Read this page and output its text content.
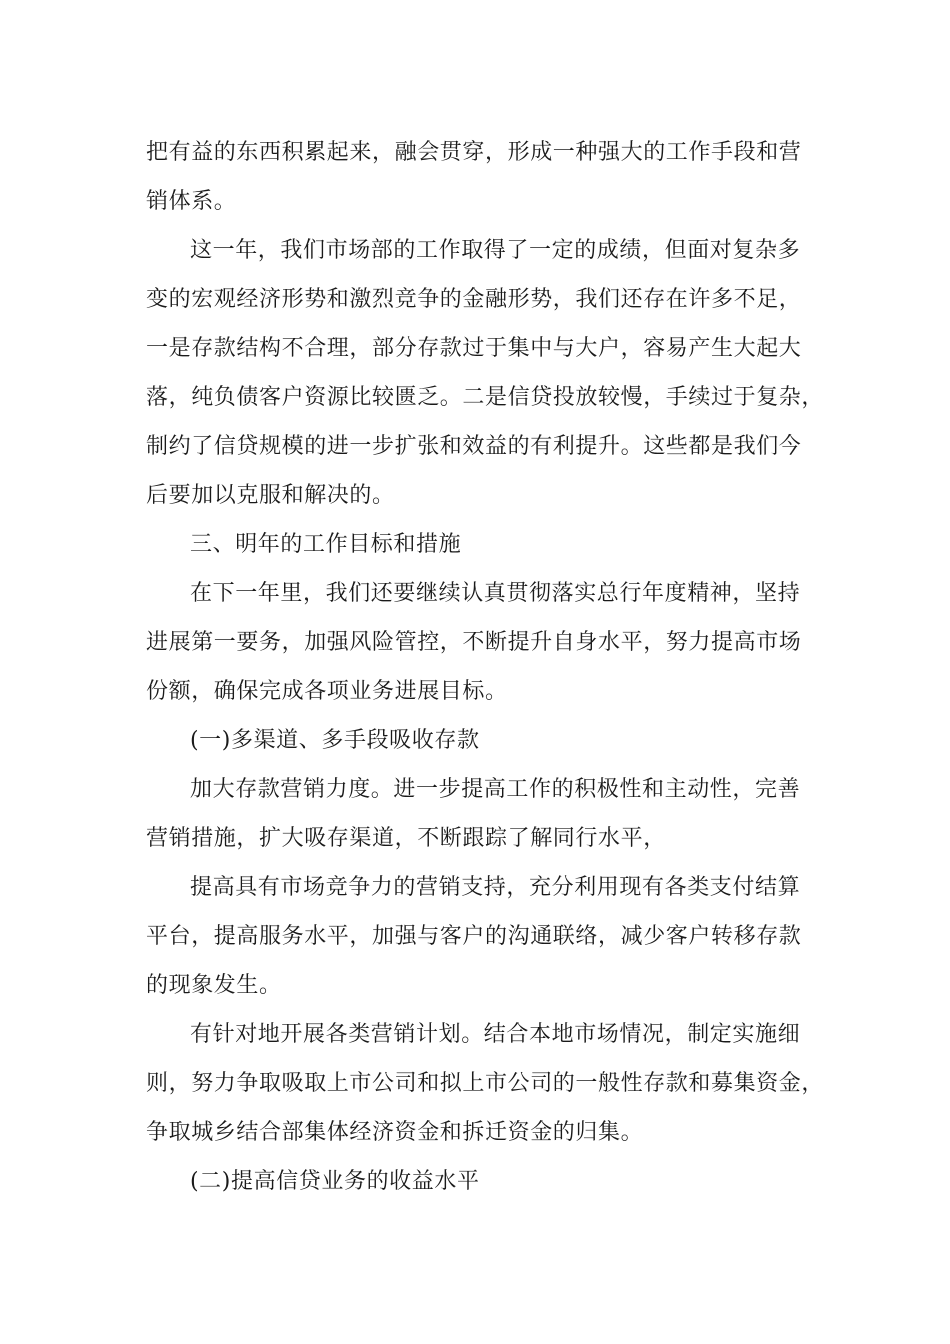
把有益的东西积累起来，融会贯穿，形成一种强大的工作手段和营
销体系。

这一年，我们市场部的工作取得了一定的成绩，但面对复杂多
变的宏观经济形势和激烈竞争的金融形势，我们还存在许多不足，
一是存款结构不合理，部分存款过于集中与大户，容易产生大起大
落，纯负债客户资源比较匮乏。二是信贷投放较慢，手续过于复杂，
制约了信贷规模的进一步扩张和效益的有利提升。这些都是我们今
后要加以克服和解决的。

三、明年的工作目标和措施

在下一年里，我们还要继续认真贯彻落实总行年度精神，坚持
进展第一要务，加强风险管控，不断提升自身水平，努力提高市场
份额，确保完成各项业务进展目标。

(一)多渠道、多手段吸收存款

加大存款营销力度。进一步提高工作的积极性和主动性，完善
营销措施，扩大吸存渠道，不断跟踪了解同行水平，

提高具有市场竞争力的营销支持，充分利用现有各类支付结算
平台，提高服务水平，加强与客户的沟通联络，减少客户转移存款
的现象发生。

有针对地开展各类营销计划。结合本地市场情况，制定实施细
则，努力争取吸取上市公司和拟上市公司的一般性存款和募集资金，
争取城乡结合部集体经济资金和拆迁资金的归集。

(二)提高信贷业务的收益水平
